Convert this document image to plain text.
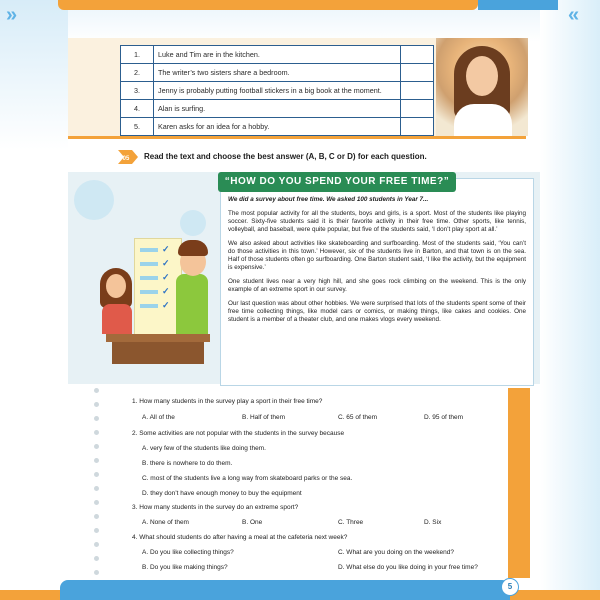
»	«
1.	Luke and Tim are in the kitchen.	
2.	The writer’s two sisters share a bedroom.	
3.	Jenny is probably putting football stickers in a big book at the moment.	
4.	Alan is surfing.	
5.	Karen asks for an idea for a hobby.	
05 Read the text and choose the best answer (A, B, C or D) for each question.
✓
✓
✓
✓
✓
“HOW DO YOU SPEND YOUR FREE TIME?”

We did a survey about free time. We asked 100 students in Year 7...

The most popular activity for all the students, boys and girls, is a sport. Most of the students like playing soccer. Sixty-five students said it is their favorite activity in their free time. Other sports, like tennis, volleyball, and baseball, were quite popular, but five of the students said, ‘I don’t play sport at all.’

We also asked about activities like skateboarding and surfboarding. Most of the students said, ‘You can’t do those activities in this town.’ However, six of the students live in Barton, and that town is on the sea. Half of those students often go surfboarding. One Barton student said, ‘I like the activity, but the equipment is expensive.’

One student lives near a very high hill, and she goes rock climbing on the weekend. This is the only example of an extreme sport in our survey.

Our last question was about other hobbies. We were surprised that lots of the students spent some of their free time collecting things, like model cars or comics, or making things, like cakes and cookies. One student is a member of a theater club, and one makes vlogs every weekend.

1. How many students in the survey play a sport in their free time?
A. All of the	B. Half of them	C. 65 of them	D. 95 of them
2. Some activities are not popular with the students in the survey because
A. very few of the students like doing them.
B. there is nowhere to do them.
C. most of the students live a long way from skateboard parks or the sea.
D. they don’t have enough money to buy the equipment
3. How many students in the survey do an extreme sport?
A. None of them	B. One	C. Three	D. Six
4. What should students do after having a meal at the cafeteria next week?
A. Do you like collecting things?	C. What are you doing on the weekend?
B. Do you like making things?	D. What else do you like doing in your free time?
5
